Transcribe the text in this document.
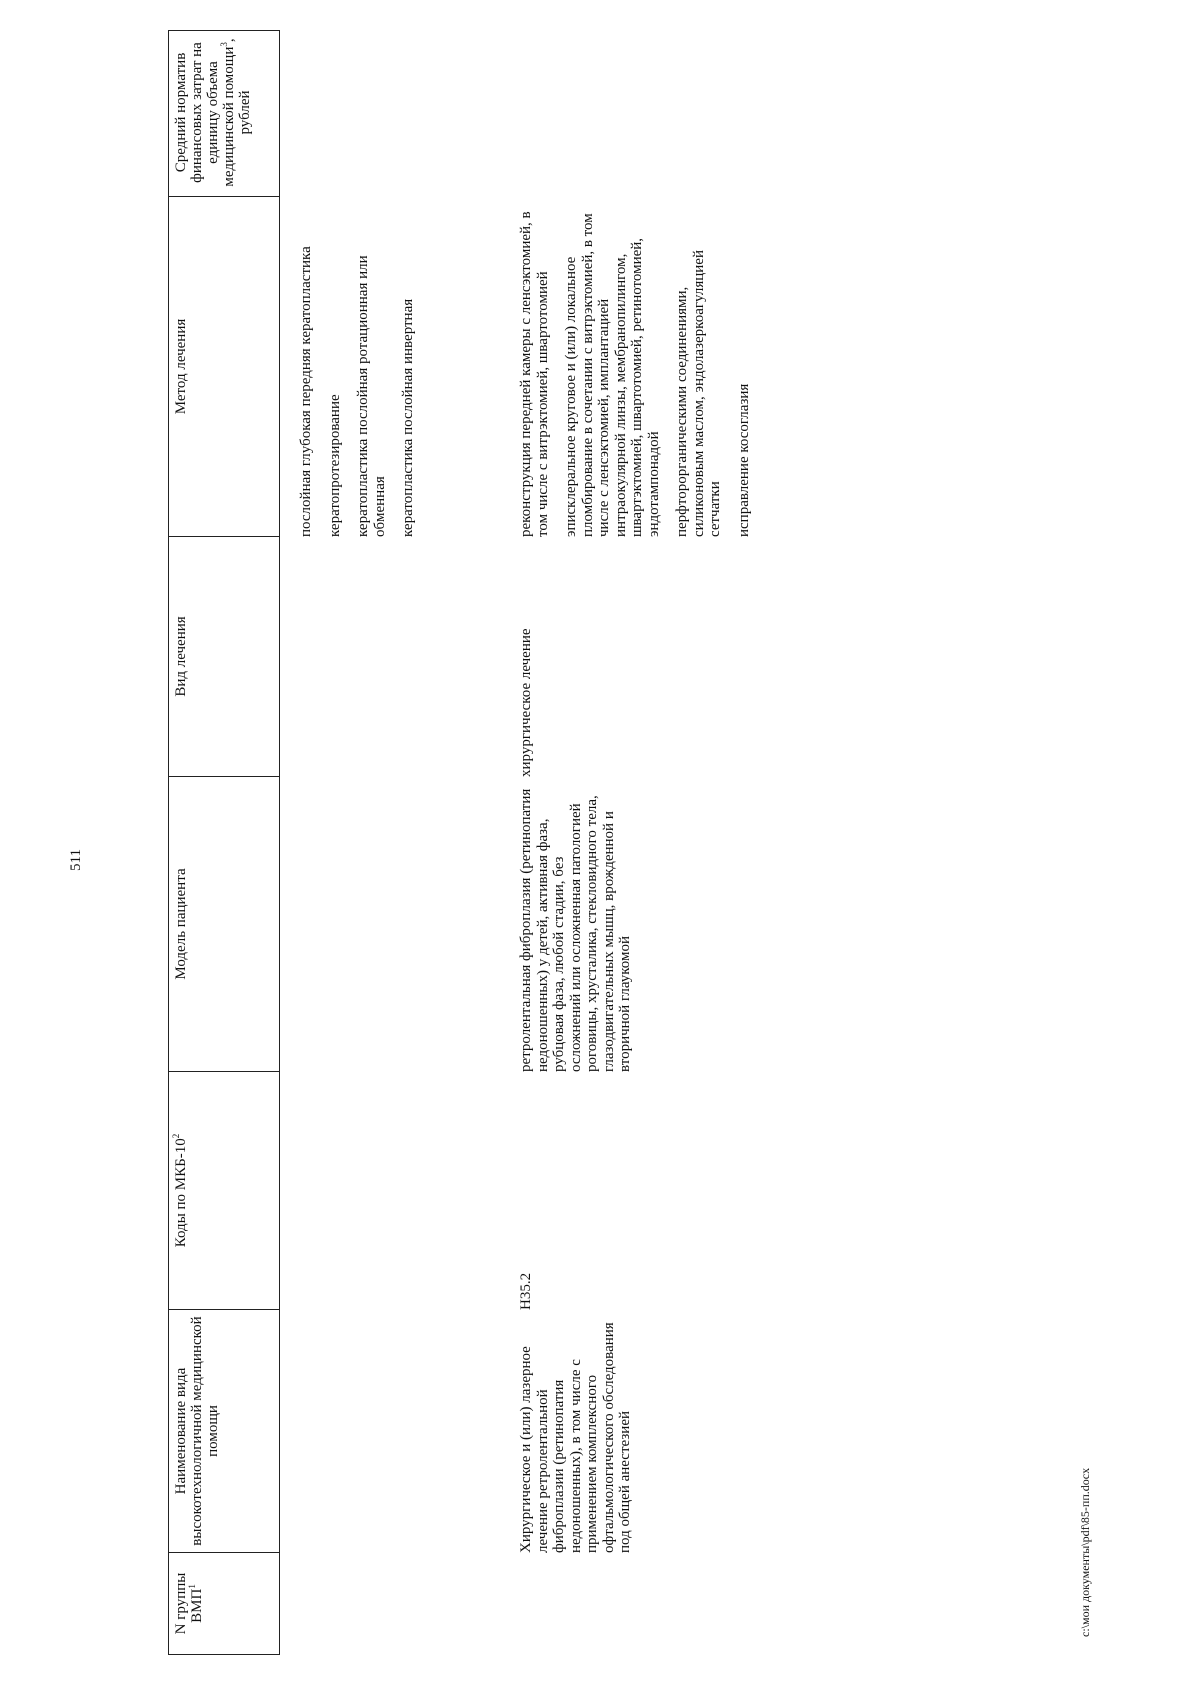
511
N группы ВМП$^1$
Наименование вида высокотехнологичной медицинской помощи
Коды по МКБ-$10^2$
Модель пациента
Вид лечения
Метод лечения
Средний норматив финансовых затрат на единицу объема медицинской помощи$^3$, рублей

послойная глубокая передняя кератопластика кератопротезирование кератопластика послойная ротационная или обменная кератопластика послойная инвертная

Хирургическое и (или) лазерное лечение ретролентальной фиброплазии (ретинопатия недоношенных), в том числе с применением комплексного офтальмологического обследования под общей анестезией
H35.2
ретролентальная фиброплазия (ретинопатия недоношенных) у детей, активная фаза, рубцовая фаза, любой стадии, без осложнений или осложненная патологией роговицы, хрусталика, стекловидного тела, глазодвигательных мышц, врожденной и вторичной глаукомой
хирургическое лечение

реконструкция передней камеры с ленсэктомией, в том числе с витрэктомией, швартотомией эписклеральное круговое и (или) локальное пломбирование в сочетании с витрэктомией, в том числе с ленсэктомией, имплантацией интраокулярной линзы, мембранопилингом, швартэктомией, швартотомией, ретинотомией, эндотампонадой перфторорганическими соединениями, силиконовым маслом, эндолазеркоагуляцией сетчатки исправление косоглазия

c:\мои документы\pdf\85-пп.docx
